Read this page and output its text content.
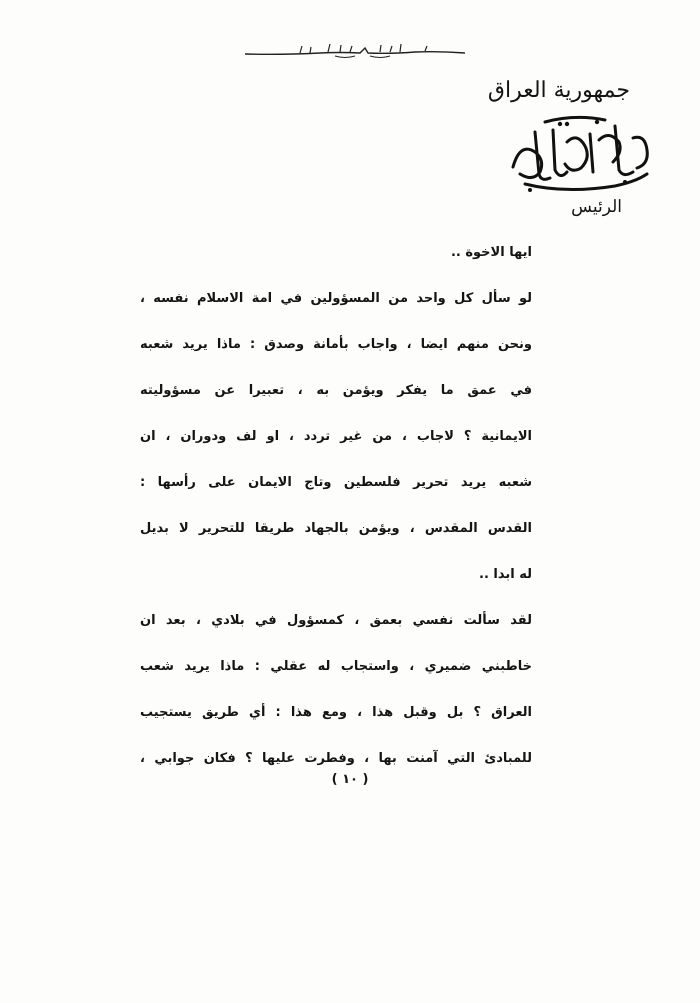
جمهورية العراق
الرئيس
ايها الاخوة ..
لو سأل كل واحد من المسؤولين في امة الاسلام نفسه ،
ونحن منهم ايضا ، واجاب بأمانة وصدق : ماذا يريد شعبه
في عمق ما يفكر ويؤمن به ، تعبيرا عن مسؤوليته
الايمانية ؟ لاجاب ، من غير تردد ، او لف ودوران ، ان
شعبه يريد تحرير فلسطين وتاج الايمان على رأسها :
القدس المقدس ، ويؤمن بالجهاد طريقا للتحرير لا بديل
له ابدا ..
لقد سألت نفسي بعمق ، كمسؤول في بلادي ، بعد ان
خاطبني ضميري ، واستجاب له عقلي : ماذا يريد شعب
العراق ؟ بل وقبل هذا ، ومع هذا : أي طريق يستجيب
للمبادئ التي آمنت بها ، وفطرت عليها ؟ فكان جوابي ،
( ١٠ )
